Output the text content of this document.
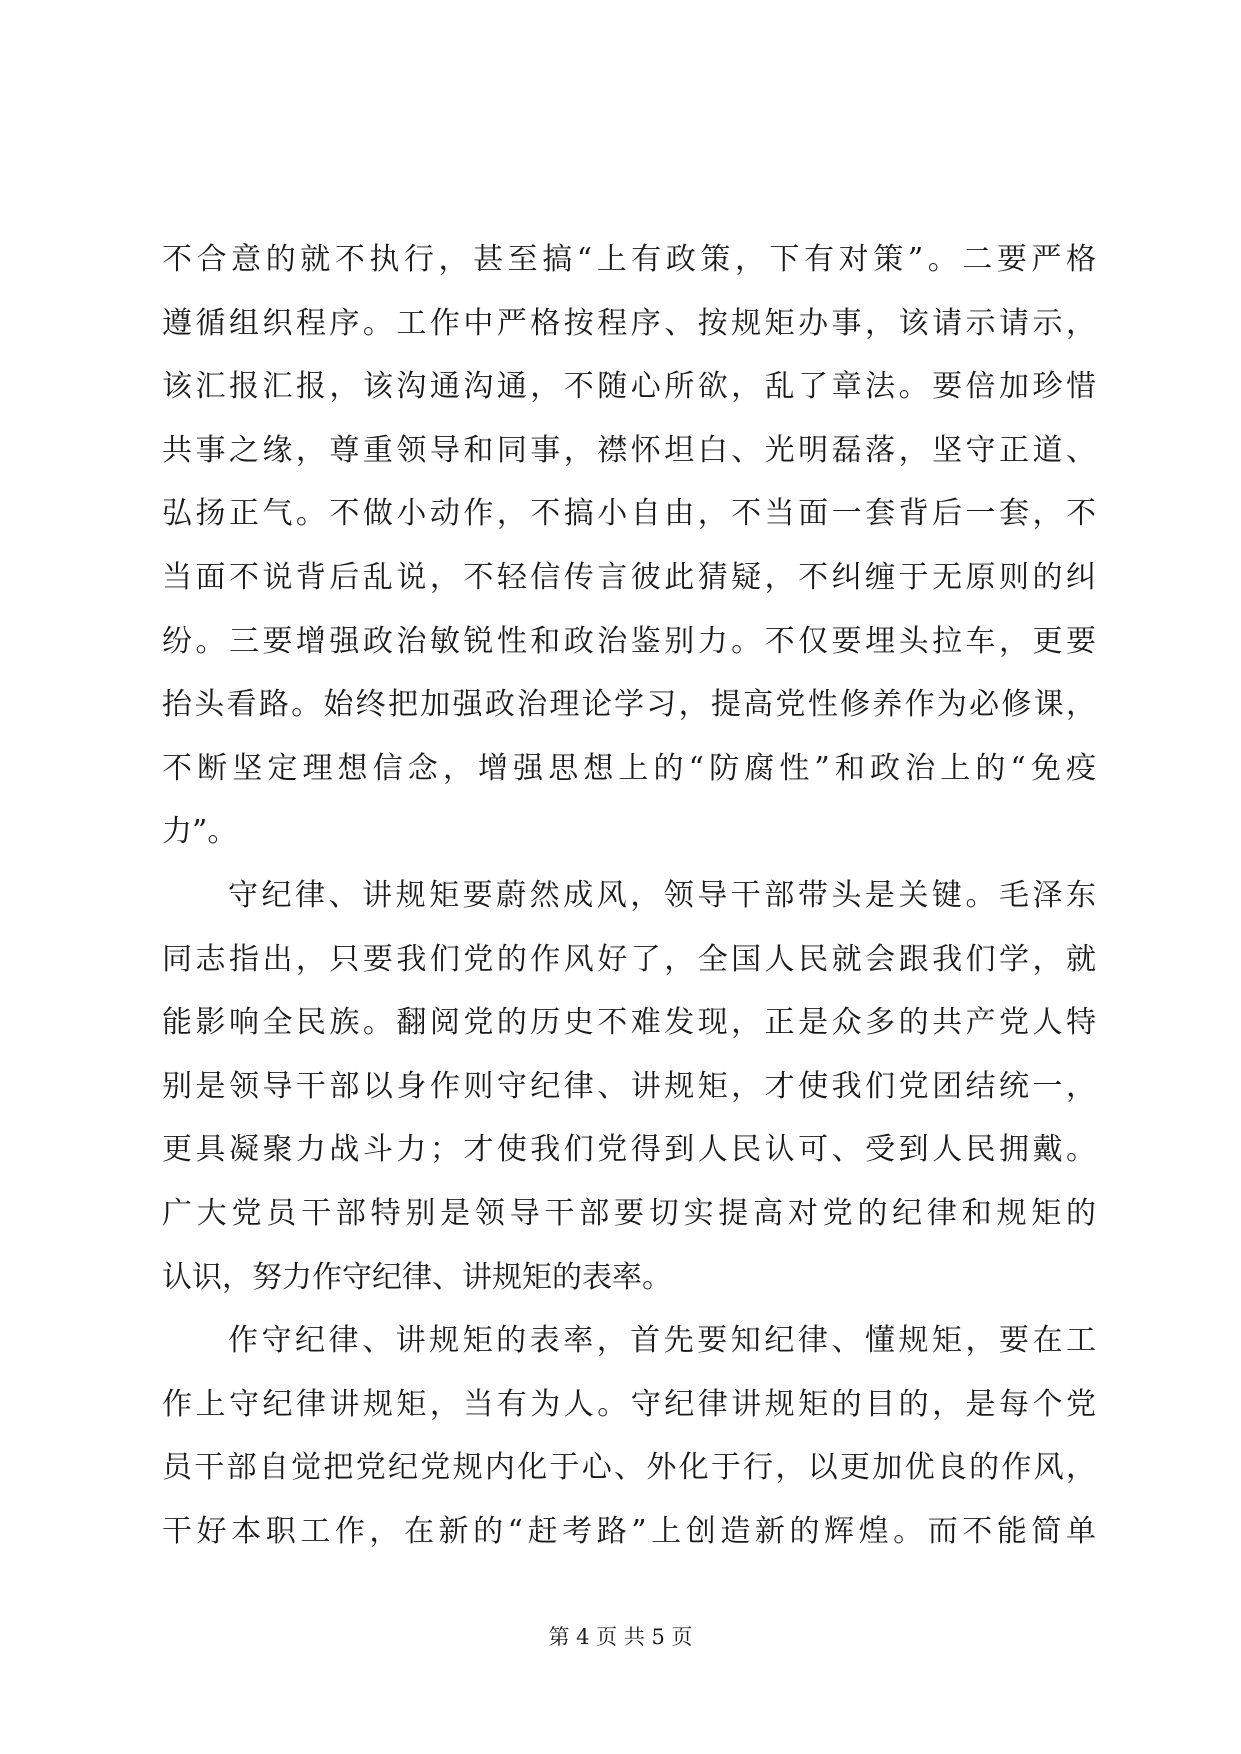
不合意的就不执行，甚至搞“上有政策，下有对策”。二要严格
遵循组织程序。工作中严格按程序、按规矩办事，该请示请示，
该汇报汇报，该沟通沟通，不随心所欲，乱了章法。要倍加珍惜
共事之缘，尊重领导和同事，襟怀坦白、光明磊落，坚守正道、
弘扬正气。不做小动作，不搞小自由，不当面一套背后一套，不
当面不说背后乱说，不轻信传言彼此猜疑，不纠缠于无原则的纠
纷。三要增强政治敏锐性和政治鉴别力。不仅要埋头拉车，更要
抬头看路。始终把加强政治理论学习，提高党性修养作为必修课，
不断坚定理想信念，增强思想上的“防腐性”和政治上的“免疫
力”。
守纪律、讲规矩要蔚然成风，领导干部带头是关键。毛泽东
同志指出，只要我们党的作风好了，全国人民就会跟我们学，就
能影响全民族。翻阅党的历史不难发现，正是众多的共产党人特
别是领导干部以身作则守纪律、讲规矩，才使我们党团结统一，
更具凝聚力战斗力；才使我们党得到人民认可、受到人民拥戴。
广大党员干部特别是领导干部要切实提高对党的纪律和规矩的
认识，努力作守纪律、讲规矩的表率。
作守纪律、讲规矩的表率，首先要知纪律、懂规矩，要在工
作上守纪律讲规矩，当有为人。守纪律讲规矩的目的，是每个党
员干部自觉把党纪党规内化于心、外化于行，以更加优良的作风，
干好本职工作，在新的“赶考路”上创造新的辉煌。而不能简单
第 4 页 共 5 页
